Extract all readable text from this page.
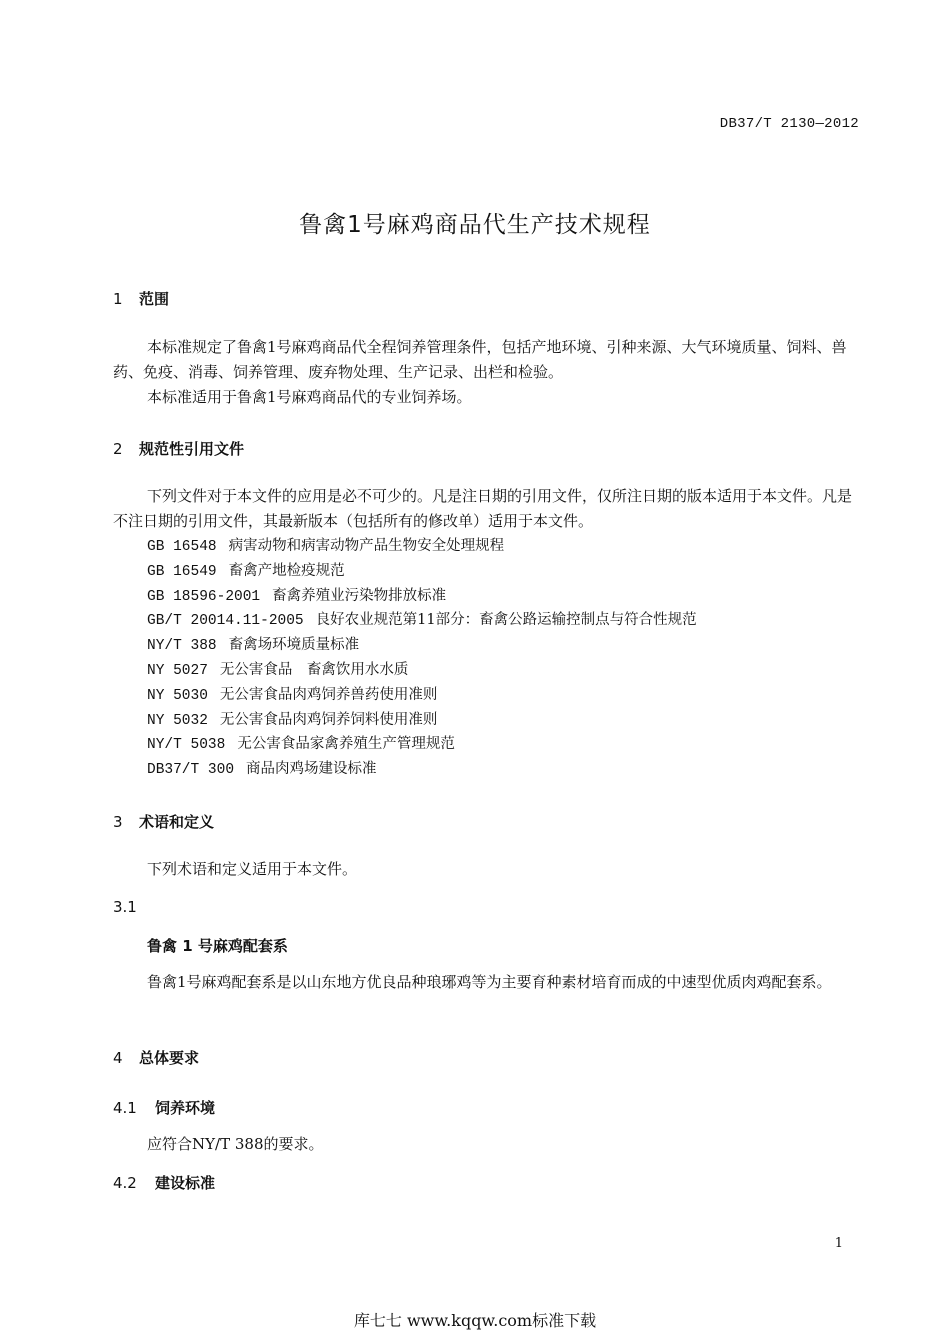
DB37/T 2130—2012
鲁禽1号麻鸡商品代生产技术规程
1 范围
本标准规定了鲁禽1号麻鸡商品代全程饲养管理条件，包括产地环境、引种来源、大气环境质量、饲料、兽药、免疫、消毒、饲养管理、废弃物处理、生产记录、出栏和检验。
本标准适用于鲁禽1号麻鸡商品代的专业饲养场。
2 规范性引用文件
下列文件对于本文件的应用是必不可少的。凡是注日期的引用文件，仅所注日期的版本适用于本文件。凡是不注日期的引用文件，其最新版本（包括所有的修改单）适用于本文件。
GB 16548 病害动物和病害动物产品生物安全处理规程
GB 16549 畜禽产地检疫规范
GB 18596-2001 畜禽养殖业污染物排放标准
GB/T 20014.11-2005 良好农业规范第11部分：畜禽公路运输控制点与符合性规范
NY/T 388 畜禽场环境质量标准
NY 5027 无公害食品　畜禽饮用水水质
NY 5030 无公害食品肉鸡饲养兽药使用准则
NY 5032 无公害食品肉鸡饲养饲料使用准则
NY/T 5038 无公害食品家禽养殖生产管理规范
DB37/T 300 商品肉鸡场建设标准
3 术语和定义
下列术语和定义适用于本文件。
3.1
鲁禽 1 号麻鸡配套系
鲁禽1号麻鸡配套系是以山东地方优良品种琅琊鸡等为主要育种素材培育而成的中速型优质肉鸡配套系。
4 总体要求
4.1 饲养环境
应符合NY/T 388的要求。
4.2 建设标准
1
库七七 www.kqqw.com标准下载
